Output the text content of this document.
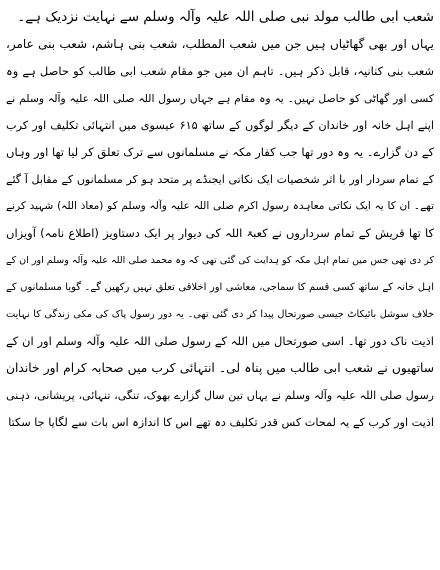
شعب ابی طالب مولد نبی صلی اللہ علیہ وآلہ وسلم سے نہایت نزدیک ہے۔
یہاں اور بھی گھاٹیاں ہیں جن میں شعب المطلب، شعب بنی ہاشم، شعب بنی عامر،
شعب بنی کنانیہ، قابل ذکر ہیں۔ تاہم ان میں جو مقام شعب ابی طالب کو حاصل ہے وہ
کسی اور گھاٹی کو حاصل نہیں۔ یہ وہ مقام ہے جہاں رسول اللہ صلی اللہ علیہ وآلہ وسلم نے
اپنے اہل خانہ اور خاندان کے دیگر لوگوں کے ساتھ ۶۱۵ عیسوی میں انتہائی تکلیف اور کرب
کے دن گزارے۔ یہ وہ دور تھا جب کفار مکہ نے مسلمانوں سے ترک تعلق کر لیا تھا اور وہاں
کے تمام سردار اور با اثر شخصیات ایک نکاتی ایجنڈے پر متحد ہو کر مسلمانوں کے مقابل آ گئے
تھے۔ ان کا یہ ایک نکاتی معاہدہ رسول اکرم صلی اللہ علیہ وآلہ وسلم کو (معاذ اللہ) شہید کرنے
کا تھا قریش کے تمام سرداروں نے کعبۃ اللہ کی دیوار پر ایک دستاویز (اطلاع نامہ) آویزاں
کر دی تھی جس میں تمام اہل مکہ کو ہدایت کی گئی تھی کہ وہ محمد صلی اللہ علیہ وآلہ وسلم اور ان کے
اہل خانہ کے ساتھ کسی قسم کا سماجی، معاشی اور اخلاقی تعلق نہیں رکھیں گے۔ گویا مسلمانوں کے
خلاف سوشل بائیکاٹ جیسی صورتحال پیدا کر دی گئی تھی۔ یہ دور رسول پاک کی مکی زندگی کا نہایت
اذیت ناک دور تھا۔ اسی صورتحال میں اللہ کے رسول صلی اللہ علیہ وآلہ وسلم اور ان کے
ساتھیوں نے شعب ابی طالب میں پناہ لی۔ انتہائی کرب میں صحابہ کرام اور خاندان
رسول صلی اللہ علیہ وآلہ وسلم نے یہاں تین سال گزارے بھوک، تنگی، تنہائی، پریشانی، ذہنی
اذیت اور کرب کے یہ لمحات کس قدر تکلیف دہ تھے اس کا اندازہ اس بات سے لگایا جا سکتا
